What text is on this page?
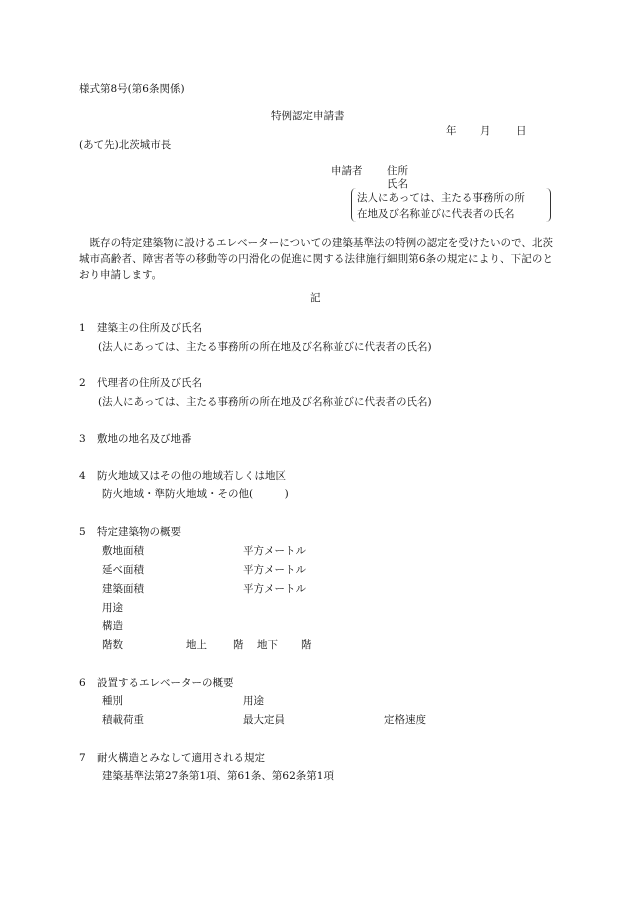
様式第8号(第6条関係)
特例認定申請書
年 月 日
(あて先)北茨城市長
申請者 住所
氏名
法人にあっては、主たる事務所の所
在地及び名称並びに代表者の氏名
既存の特定建築物に設けるエレベーターについての建築基準法の特例の認定を受けたいので、北茨城市高齢者、障害者等の移動等の円滑化の促進に関する法律施行細則第6条の規定により、下記のとおり申請します。
記
1 建築主の住所及び氏名
(法人にあっては、主たる事務所の所在地及び名称並びに代表者の氏名)
2 代理者の住所及び氏名
(法人にあっては、主たる事務所の所在地及び名称並びに代表者の氏名)
3 敷地の地名及び地番
4 防火地域又はその他の地域若しくは地区
防火地域・準防火地域・その他(　　　)
5 特定建築物の概要
敷地面積	平方メートル
延べ面積	平方メートル
建築面積	平方メートル
用途
構造
階数	地上 階 地下 階
6 設置するエレベーターの概要
種別	用途
積載荷重	最大定員	定格速度
7 耐火構造とみなして適用される規定
建築基準法第27条第1項、第61条、第62条第1項
